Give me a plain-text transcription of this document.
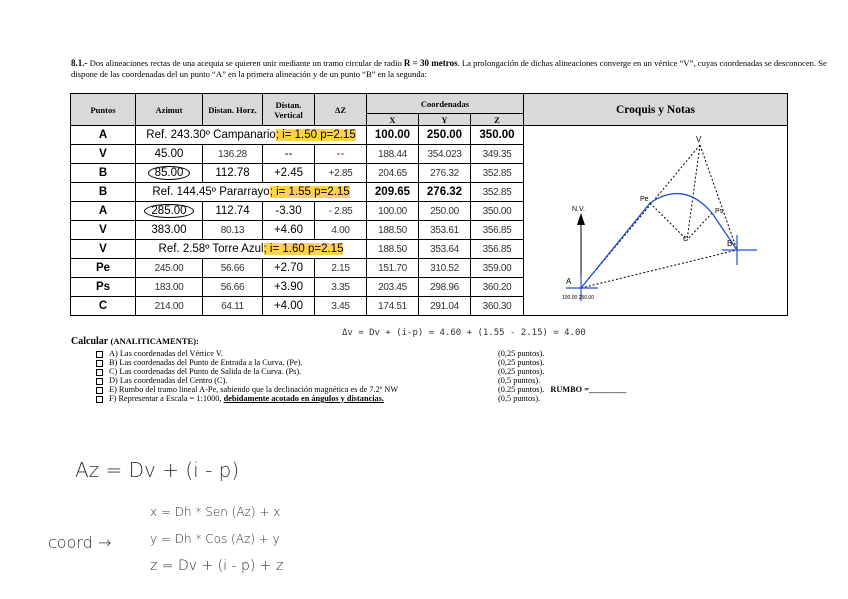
8.1.- Dos alineaciones rectas de una acequia se quieren unir mediante un tramo circular de radio R = 30 metros. La prolongación de dichas alineaciones converge en un vértice “V”, cuyas coordenadas se desconocen. Se dispone de las coordenadas del un punto “A” en la primera alineación y de un punto “B” en la segunda:
Puntos	Azimut	Distan. Horz.	Distan. Vertical	ΔZ	Coordenadas			Croquis y Notas
					X	Y	Z	
A	Ref. 243.30º Campanario; i= 1.50 p=2.15				100.00	250.00	350.00	
V	45.00	136.28	--	--	188.44	354.023	349.35	
B	85.00	112.78	+2.45	+2.85	204.65	276.32	352.85	
B	Ref. 144.45º Pararrayo; i= 1.55 p=2.15				209.65	276.32	352.85	
A	285.00	112.74	-3.30	- 2.85	100.00	250.00	350.00	
V	383.00	80.13	+4.60	4.00	188.50	353.61	356.85	
V	Ref. 2.58º Torre Azul; i= 1.60 p=2.15				188.50	353.64	356.85	
Pe	245.00	56.66	+2.70	2.15	151.70	310.52	359.00	
Ps	183.00	56.66	+3.90	3.35	203.45	298.96	360.20	
C	214.00	64.11	+4.00	3.45	174.51	291.04	360.30	
N.V.
V
Pe
Ps
C
A
B
100.00 250.00
Δv = Dv + (i-p) = 4.60 + (1.55 - 2.15) = 4.00
Calcular (ANALITICAMENTE):
A) Las coordenadas del Vértice V.	(0,25 puntos).
B) Las coordenadas del Punto de Entrada a la Curva. (Pe).	(0,25 puntos).
C) Las coordenadas del Punto de Salida de la Curva. (Ps).	(0,25 puntos).
D) Las coordenadas del Centro (C).	(0,5 puntos).
E) Rumbo del tramo lineal A-Pe, sabiendo que la declinación magnética es de 7.2º NW	(0.25 puntos). RUMBO =_________
F) Representar a Escala = 1:1000, debidamente acotado en ángulos y distancias.	(0,5 puntos).
Az = Dv + (i - p)
x = Dh * Sen (Az) + x
coord →	y = Dh * Cos (Az) + y
z = Dv + (i - p) + z
